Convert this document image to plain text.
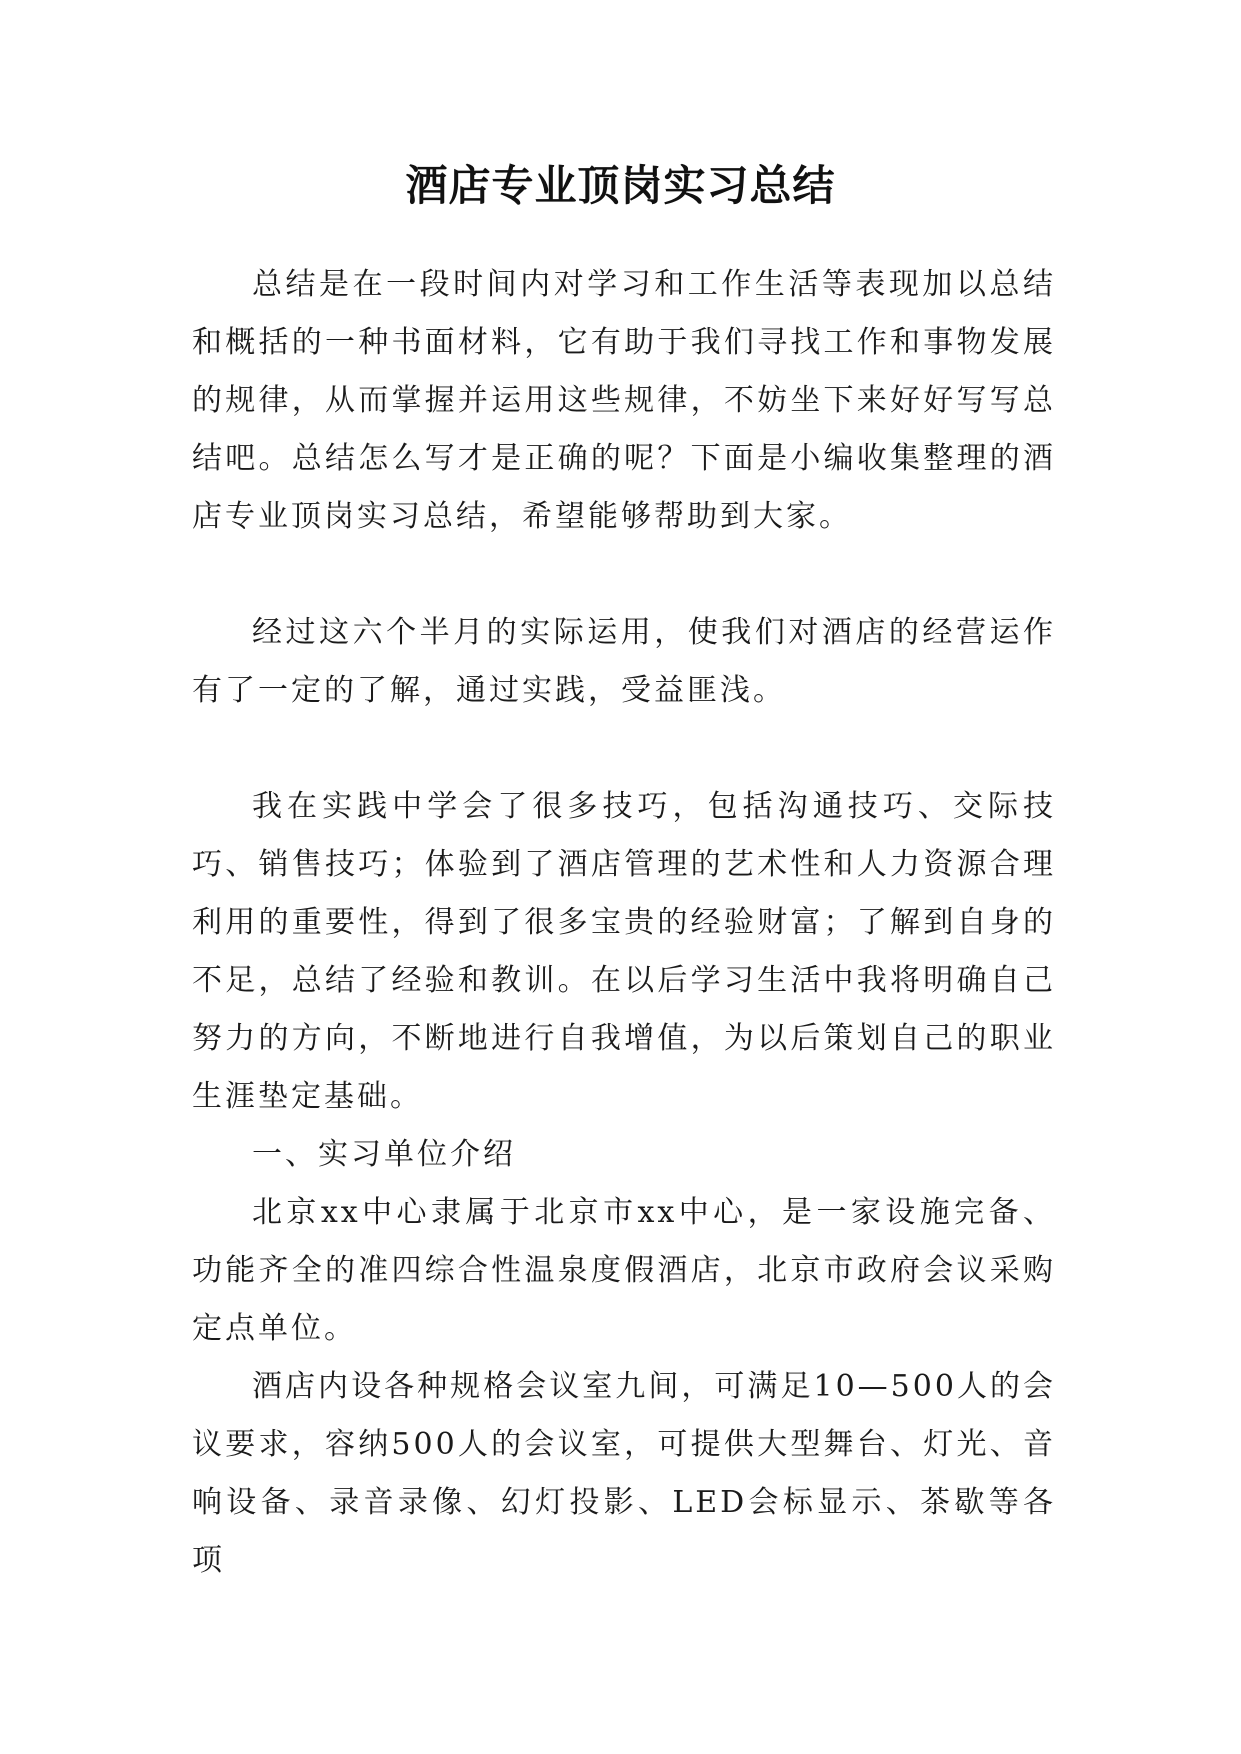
酒店专业顶岗实习总结

总结是在一段时间内对学习和工作生活等表现加以总结和概括的一种书面材料，它有助于我们寻找工作和事物发展的规律，从而掌握并运用这些规律，不妨坐下来好好写写总结吧。总结怎么写才是正确的呢？下面是小编收集整理的酒店专业顶岗实习总结，希望能够帮助到大家。

经过这六个半月的实际运用，使我们对酒店的经营运作有了一定的了解，通过实践，受益匪浅。

我在实践中学会了很多技巧，包括沟通技巧、交际技巧、销售技巧；体验到了酒店管理的艺术性和人力资源合理利用的重要性，得到了很多宝贵的经验财富；了解到自身的不足，总结了经验和教训。在以后学习生活中我将明确自己努力的方向，不断地进行自我增值，为以后策划自己的职业生涯垫定基础。

一、实习单位介绍

北京xx中心隶属于北京市xx中心，是一家设施完备、功能齐全的准四综合性温泉度假酒店，北京市政府会议采购定点单位。

酒店内设各种规格会议室九间，可满足10—500人的会议要求，容纳500人的会议室，可提供大型舞台、灯光、音响设备、录音录像、幻灯投影、LED会标显示、茶歇等各项
